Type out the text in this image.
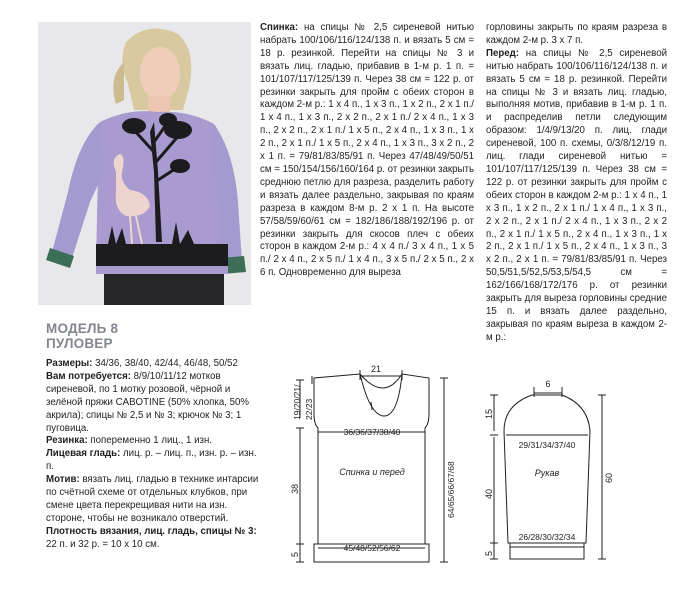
МОДЕЛЬ 8
ПУЛОВЕР

Размеры: 34/36, 38/40, 42/44, 46/48, 50/52

Вам потребуется: 8/9/10/11/12 мотков сиреневой, по 1 мотку розовой, чёрной и зелёной пряжи CABOTINE (50% хлопка, 50% акрила); спицы № 2,5 и № 3; крючок № 3; 1 пуговица.

Резинка: попеременно 1 лиц., 1 изн.

Лицевая гладь: лиц. р. – лиц. п., изн. р. – изн. п.

Мотив: вязать лиц. гладью в технике интарсии по счётной схеме от отдельных клубков, при смене цвета перекрещивая нити на изн. стороне, чтобы не возникало отверстий.

Плотность вязания, лиц. гладь, спицы № 3: 22 п. и 32 р. = 10 х 10 см.

Спинка: на спицы № 2,5 сиреневой нитью набрать 100/106/116/124/138 п. и вязать 5 см = 18 р. резинкой. Перейти на спицы № 3 и вязать лиц. гладью, прибавив в 1-м р. 1 п. = 101/107/117/125/139 п. Через 38 см = 122 р. от резинки закрыть для пройм с обеих сторон в каждом 2-м р.: 1 х 4 п., 1 х 3 п., 1 х 2 п., 2 х 1 п./ 1 х 4 п., 1 х 3 п., 2 х 2 п., 2 х 1 п./ 2 х 4 п., 1 х 3 п., 2 х 2 п., 2 х 1 п./ 1 х 5 п., 2 х 4 п., 1 х 3 п., 1 х 2 п., 2 х 1 п./ 1 х 5 п., 2 х 4 п., 1 х 3 п., 3 х 2 п., 2 х 1 п. = 79/81/83/85/91 п. Через 47/48/49/50/51 см = 150/154/156/160/164 р. от резинки закрыть среднюю петлю для разреза, разделить работу и вязать далее раздельно, закрывая по краям разреза в каждом 8-м р. 2 х 1 п. На высоте 57/58/59/60/61 см = 182/186/188/192/196 р. от резинки закрыть для скосов плеч с обеих сторон в каждом 2-м р.: 4 х 4 п./ 3 х 4 п., 1 х 5 п./ 2 х 4 п., 2 х 5 п./ 1 х 4 п., 3 х 5 п./ 2 х 5 п., 2 х 6 п. Одновременно для выреза

горловины закрыть по краям разреза в каждом 2-м р. 3 х 7 п.

Перед: на спицы № 2,5 сиреневой нитью набрать 100/106/116/124/138 п. и вязать 5 см = 18 р. резинкой. Перейти на спицы № 3 и вязать лиц. гладью, выполняя мотив, прибавив в 1-м р. 1 п. и распределив петли следующим образом: 1/4/9/13/20 п. лиц. глади сиреневой, 100 п. схемы, 0/3/8/12/19 п. лиц. глади сиреневой нитью = 101/107/117/125/139 п. Через 38 см = 122 р. от резинки закрыть для пройм с обеих сторон в каждом 2-м р.: 1 х 4 п., 1 х 3 п., 1 х 2 п., 2 х 1 п./ 1 х 4 п., 1 х 3 п., 2 х 2 п., 2 х 1 п./ 2 х 4 п., 1 х 3 п., 2 х 2 п., 2 х 1 п./ 1 х 5 п., 2 х 4 п., 1 х 3 п., 1 х 2 п., 2 х 1 п./ 1 х 5 п., 2 х 4 п., 1 х 3 п., 3 х 2 п., 2 х 1 п. = 79/81/83/85/91 п. Через 50,5/51,5/52,5/53,5/54,5 см = 162/166/168/172/176 р. от резинки закрыть для выреза горловины средние 15 п. и вязать далее раздельно, закрывая по краям выреза в каждом 2-м р.:

21
36/36/37/38/40
Спинка и перед
45/48/52/56/62
19/20/21/ 22/23
38
5
64/65/66/67/68
6
29/31/34/37/40
Рукав
26/28/30/32/34
15
40
5
60
